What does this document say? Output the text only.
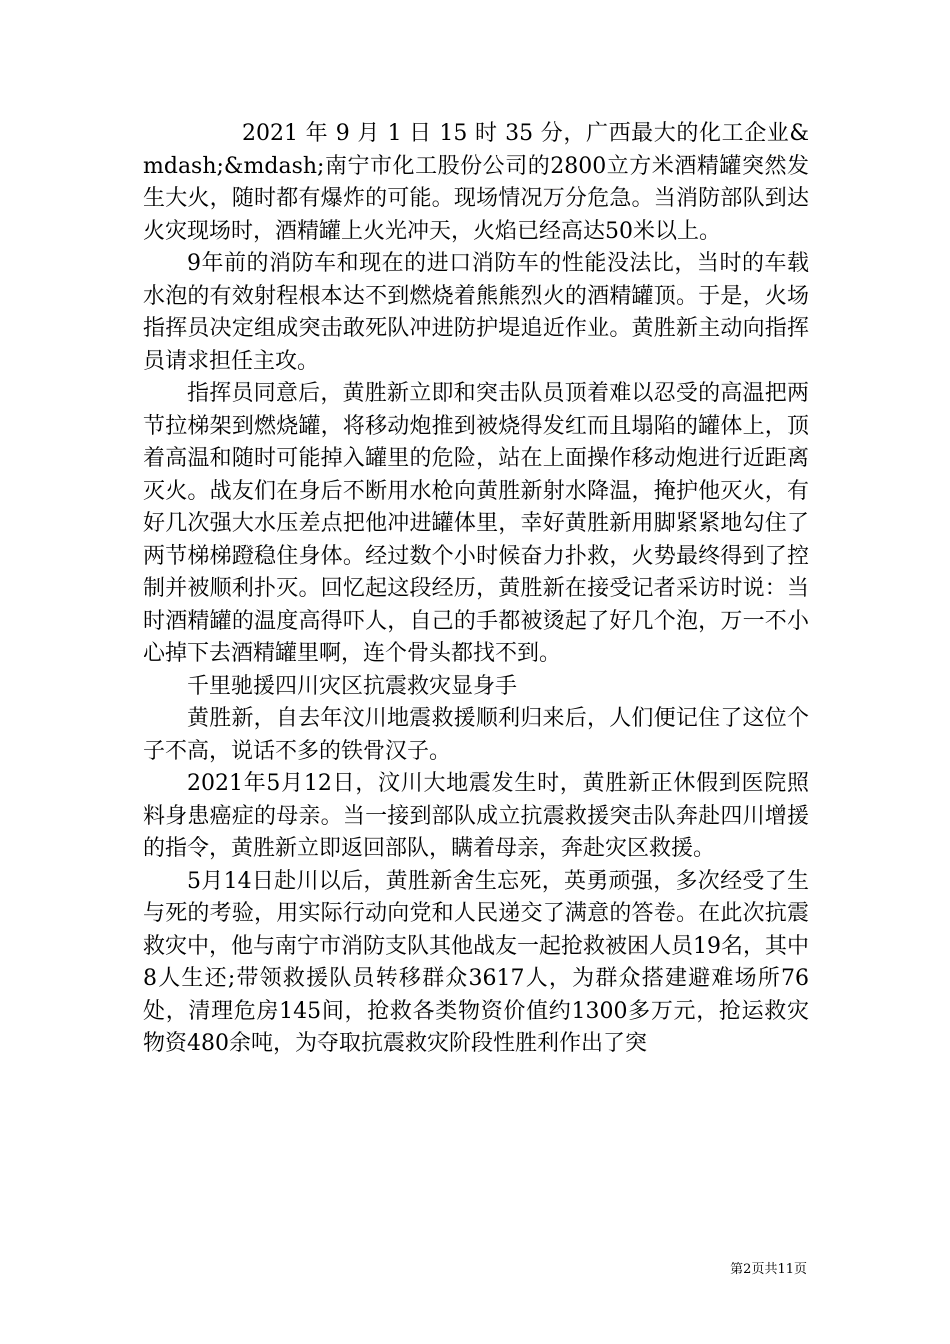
2021 年 9 月 1 日 15 时 35 分，广西最大的化工企业&mdash;&mdash;南宁市化工股份公司的2800立方米酒精罐突然发生大火，随时都有爆炸的可能。现场情况万分危急。当消防部队到达火灾现场时，酒精罐上火光冲天，火焰已经高达50米以上。

9年前的消防车和现在的进口消防车的性能没法比，当时的车载水泡的有效射程根本达不到燃烧着熊熊烈火的酒精罐顶。于是，火场指挥员决定组成突击敢死队冲进防护堤追近作业。黄胜新主动向指挥员请求担任主攻。

指挥员同意后，黄胜新立即和突击队员顶着难以忍受的高温把两节拉梯架到燃烧罐，将移动炮推到被烧得发红而且塌陷的罐体上，顶着高温和随时可能掉入罐里的危险，站在上面操作移动炮进行近距离灭火。战友们在身后不断用水枪向黄胜新射水降温，掩护他灭火，有好几次强大水压差点把他冲进罐体里，幸好黄胜新用脚紧紧地勾住了两节梯梯蹬稳住身体。经过数个小时候奋力扑救，火势最终得到了控制并被顺利扑灭。回忆起这段经历，黄胜新在接受记者采访时说：当时酒精罐的温度高得吓人，自己的手都被烫起了好几个泡，万一不小心掉下去酒精罐里啊，连个骨头都找不到。

千里驰援四川灾区抗震救灾显身手

黄胜新，自去年汶川地震救援顺利归来后，人们便记住了这位个子不高，说话不多的铁骨汉子。

2021年5月12日，汶川大地震发生时，黄胜新正休假到医院照料身患癌症的母亲。当一接到部队成立抗震救援突击队奔赴四川增援的指令，黄胜新立即返回部队，瞒着母亲，奔赴灾区救援。

5月14日赴川以后，黄胜新舍生忘死，英勇顽强，多次经受了生与死的考验，用实际行动向党和人民递交了满意的答卷。在此次抗震救灾中，他与南宁市消防支队其他战友一起抢救被困人员19名，其中8人生还;带领救援队员转移群众3617人，为群众搭建避难场所76处，清理危房145间，抢救各类物资价值约1300多万元，抢运救灾物资480余吨，为夺取抗震救灾阶段性胜利作出了突

第2页共11页
